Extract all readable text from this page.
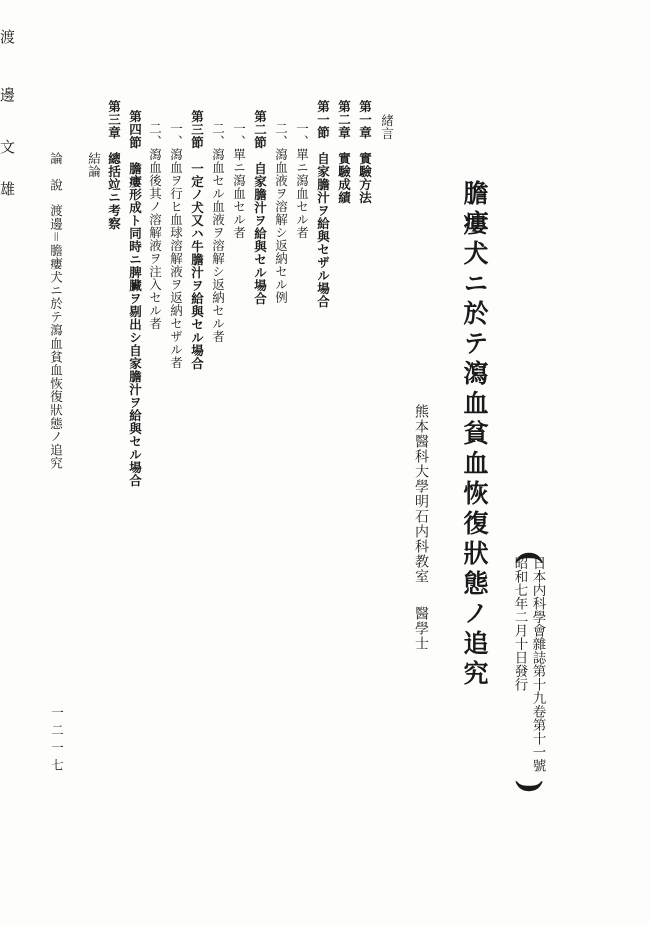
(
日本内科學會雜誌第十九卷第十一號
昭和七年二月十日發行
)
膽瘻犬ニ於テ瀉血貧血恢復狀態ノ追究
熊本醫科大學明石内科教室
醫學士
渡
邊
文
雄
緒言
第一章　實驗方法
第二章　實驗成績
第一節　自家膽汁ヲ給與セザル場合
一、單ニ瀉血セル者
二、瀉血液ヲ溶解シ返納セル例
第二節　自家膽汁ヲ給與セル場合
一、單ニ瀉血セル者
二、瀉血セル血液ヲ溶解シ返納セル者
第三節　一定ノ犬又ハ牛膽汁ヲ給與セル場合
一、瀉血ヲ行ヒ血球溶解液ヲ返納セザル者
二、瀉血後其ノ溶解液ヲ注入セル者
第四節　膽瘻形成ト同時ニ脾臟ヲ剔出シ自家膽汁ヲ給與セル場合
第三章　總括竝ニ考察
結論
論　說
渡邊＝膽瘻犬ニ於テ瀉血貧血恢復狀態ノ追究
一二一七
